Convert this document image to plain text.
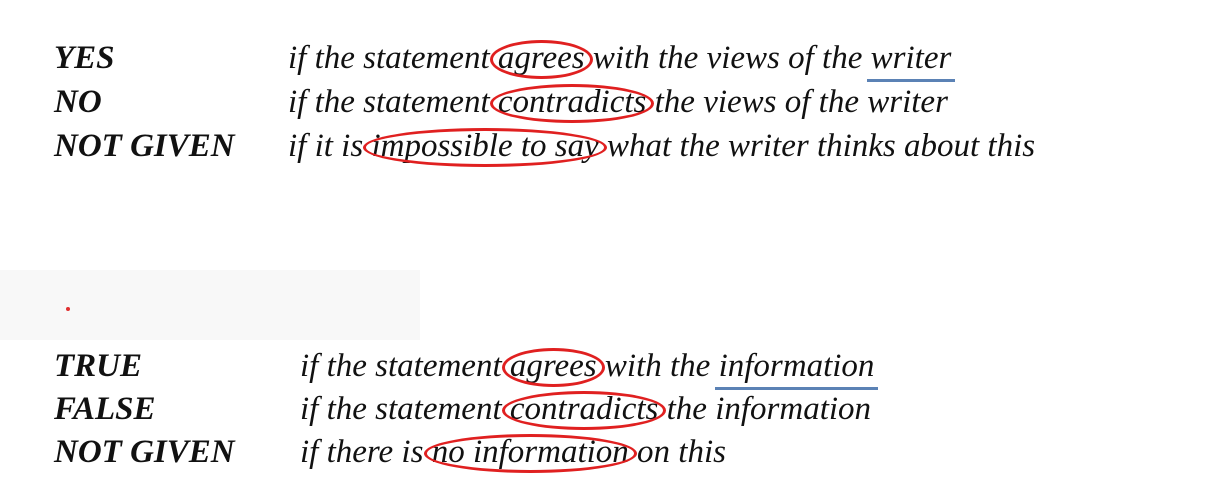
YES	if the statement agrees with the views of the writer
NO	if the statement contradicts the views of the writer
NOT GIVEN if it is impossible to say what the writer thinks about this
TRUE	if the statement agrees with the information
FALSE	if the statement contradicts the information
NOT GIVEN if there is no information on this
